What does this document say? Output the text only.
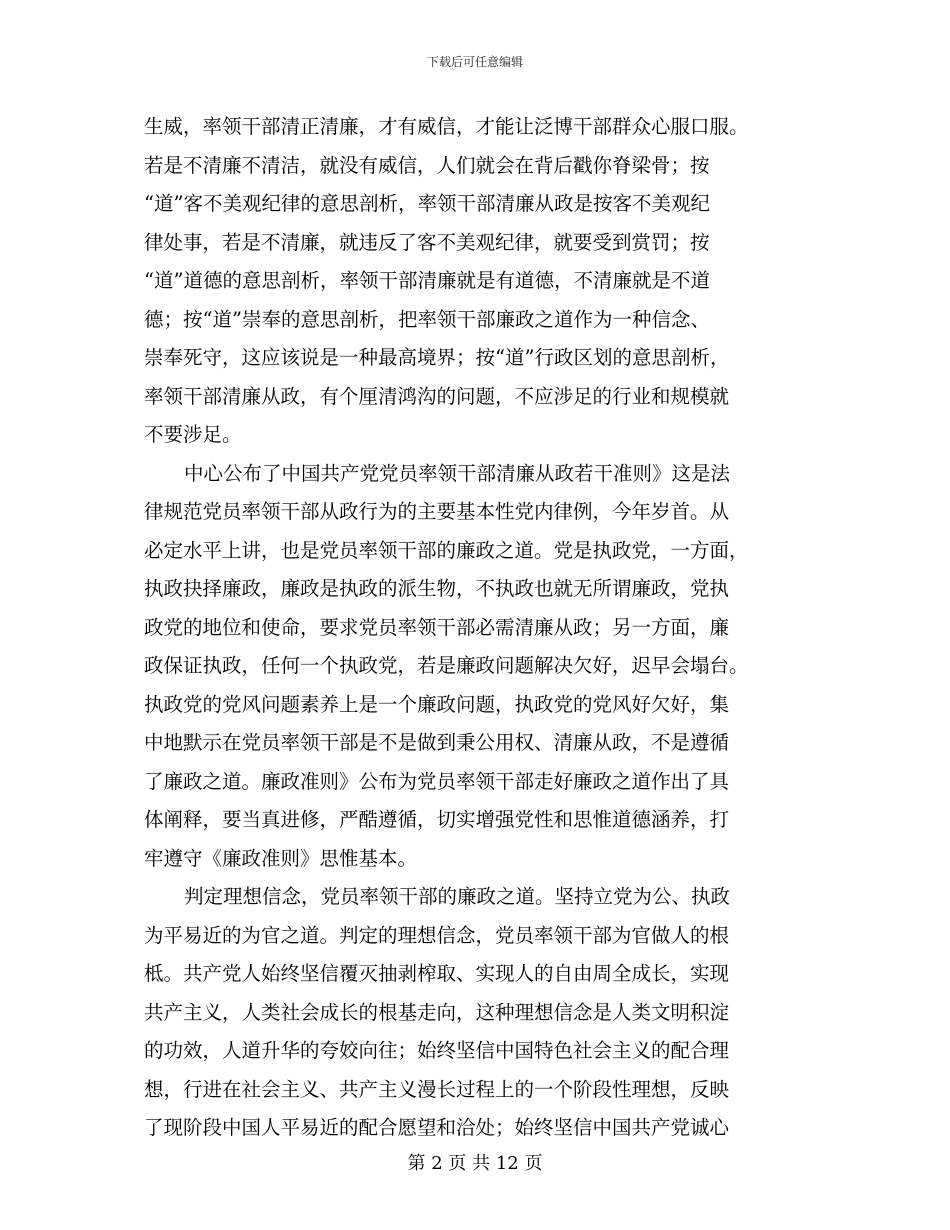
下载后可任意编辑
生威，率领干部清正清廉，才有威信，才能让泛博干部群众心服口服。
若是不清廉不清洁，就没有威信，人们就会在背后戳你脊梁骨；按
“道”客不美观纪律的意思剖析，率领干部清廉从政是按客不美观纪
律处事，若是不清廉，就违反了客不美观纪律，就要受到赏罚；按
“道”道德的意思剖析，率领干部清廉就是有道德，不清廉就是不道
德；按“道”崇奉的意思剖析，把率领干部廉政之道作为一种信念、
崇奉死守，这应该说是一种最高境界；按“道”行政区划的意思剖析，
率领干部清廉从政，有个厘清鸿沟的问题，不应涉足的行业和规模就
不要涉足。
中心公布了中国共产党党员率领干部清廉从政若干准则》这是法
律规范党员率领干部从政行为的主要基本性党内律例，今年岁首。从
必定水平上讲，也是党员率领干部的廉政之道。党是执政党，一方面，
执政抉择廉政，廉政是执政的派生物，不执政也就无所谓廉政，党执
政党的地位和使命，要求党员率领干部必需清廉从政；另一方面，廉
政保证执政，任何一个执政党，若是廉政问题解决欠好，迟早会塌台。
执政党的党风问题素养上是一个廉政问题，执政党的党风好欠好，集
中地默示在党员率领干部是不是做到秉公用权、清廉从政，不是遵循
了廉政之道。廉政准则》公布为党员率领干部走好廉政之道作出了具
体阐释，要当真进修，严酷遵循，切实增强党性和思惟道德涵养，打
牢遵守《廉政准则》思惟基本。
判定理想信念，党员率领干部的廉政之道。坚持立党为公、执政
为平易近的为官之道。判定的理想信念，党员率领干部为官做人的根
柢。共产党人始终坚信覆灭抽剥榨取、实现人的自由周全成长，实现
共产主义，人类社会成长的根基走向，这种理想信念是人类文明积淀
的功效，人道升华的夸姣向往；始终坚信中国特色社会主义的配合理
想，行进在社会主义、共产主义漫长过程上的一个阶段性理想，反映
了现阶段中国人平易近的配合愿望和洽处；始终坚信中国共产党诚心
第 2 页 共 12 页
